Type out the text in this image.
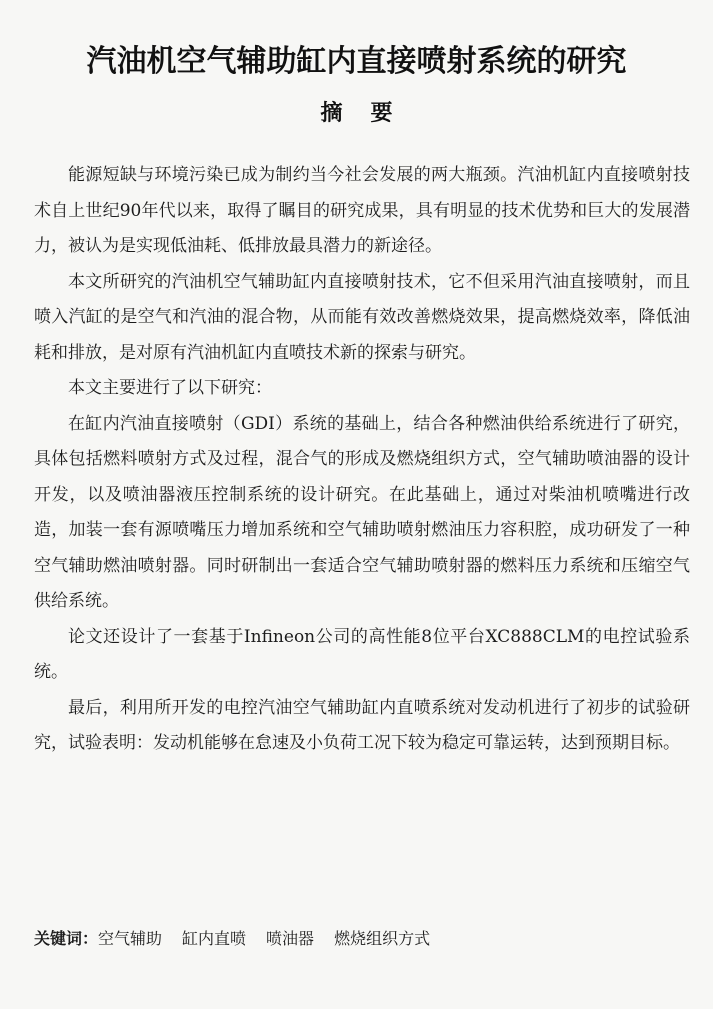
汽油机空气辅助缸内直接喷射系统的研究
摘要

能源短缺与环境污染已成为制约当今社会发展的两大瓶颈。汽油机缸内直接喷射技术自上世纪90年代以来，取得了瞩目的研究成果，具有明显的技术优势和巨大的发展潜力，被认为是实现低油耗、低排放最具潜力的新途径。

本文所研究的汽油机空气辅助缸内直接喷射技术，它不但采用汽油直接喷射，而且喷入汽缸的是空气和汽油的混合物，从而能有效改善燃烧效果，提高燃烧效率，降低油耗和排放，是对原有汽油机缸内直喷技术新的探索与研究。

本文主要进行了以下研究：

在缸内汽油直接喷射（GDI）系统的基础上，结合各种燃油供给系统进行了研究，具体包括燃料喷射方式及过程，混合气的形成及燃烧组织方式，空气辅助喷油器的设计开发，以及喷油器液压控制系统的设计研究。在此基础上，通过对柴油机喷嘴进行改造，加装一套有源喷嘴压力增加系统和空气辅助喷射燃油压力容积腔，成功研发了一种空气辅助燃油喷射器。同时研制出一套适合空气辅助喷射器的燃料压力系统和压缩空气供给系统。

论文还设计了一套基于Infineon公司的高性能8位平台XC888CLM的电控试验系统。

最后，利用所开发的电控汽油空气辅助缸内直喷系统对发动机进行了初步的试验研究，试验表明：发动机能够在怠速及小负荷工况下较为稳定可靠运转，达到预期目标。

关键词：空气辅助 缸内直喷 喷油器 燃烧组织方式
